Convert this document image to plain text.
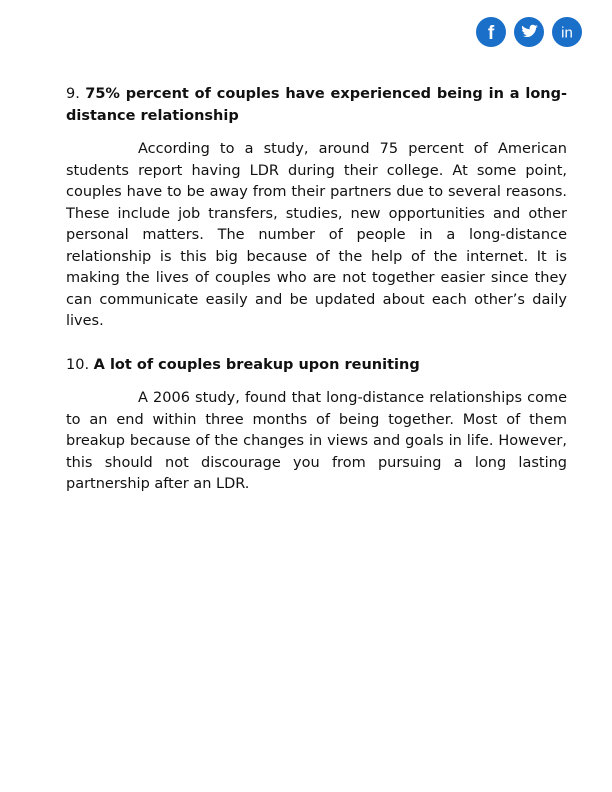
f	in

9. 75% percent of couples have experienced being in a long-distance relationship

According to a study, around 75 percent of American students report having LDR during their college. At some point, couples have to be away from their partners due to several reasons. These include job transfers, studies, new opportunities and other personal matters. The number of people in a long-distance relationship is this big because of the help of the internet. It is making the lives of couples who are not together easier since they can communicate easily and be updated about each other’s daily lives.

10. A lot of couples breakup upon reuniting

A 2006 study, found that long-distance relationships come to an end within three months of being together. Most of them breakup because of the changes in views and goals in life. However, this should not discourage you from pursuing a long lasting partnership after an LDR.
